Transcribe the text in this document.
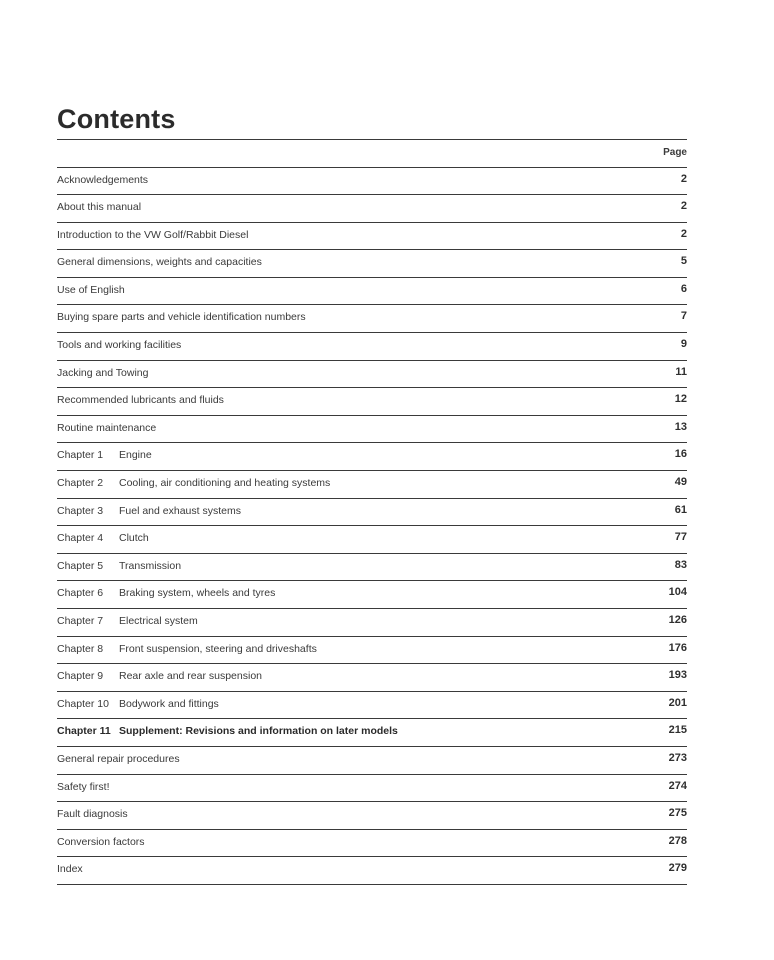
Contents
Page
Acknowledgements	2
About this manual	2
Introduction to the VW Golf/Rabbit Diesel	2
General dimensions, weights and capacities	5
Use of English	6
Buying spare parts and vehicle identification numbers	7
Tools and working facilities	9
Jacking and Towing	11
Recommended lubricants and fluids	12
Routine maintenance	13
Chapter 1 Engine	16
Chapter 2 Cooling, air conditioning and heating systems	49
Chapter 3 Fuel and exhaust systems	61
Chapter 4 Clutch	77
Chapter 5 Transmission	83
Chapter 6 Braking system, wheels and tyres	104
Chapter 7 Electrical system	126
Chapter 8 Front suspension, steering and driveshafts	176
Chapter 9 Rear axle and rear suspension	193
Chapter 10 Bodywork and fittings	201
Chapter 11 Supplement: Revisions and information on later models	215
General repair procedures	273
Safety first!	274
Fault diagnosis	275
Conversion factors	278
Index	279
